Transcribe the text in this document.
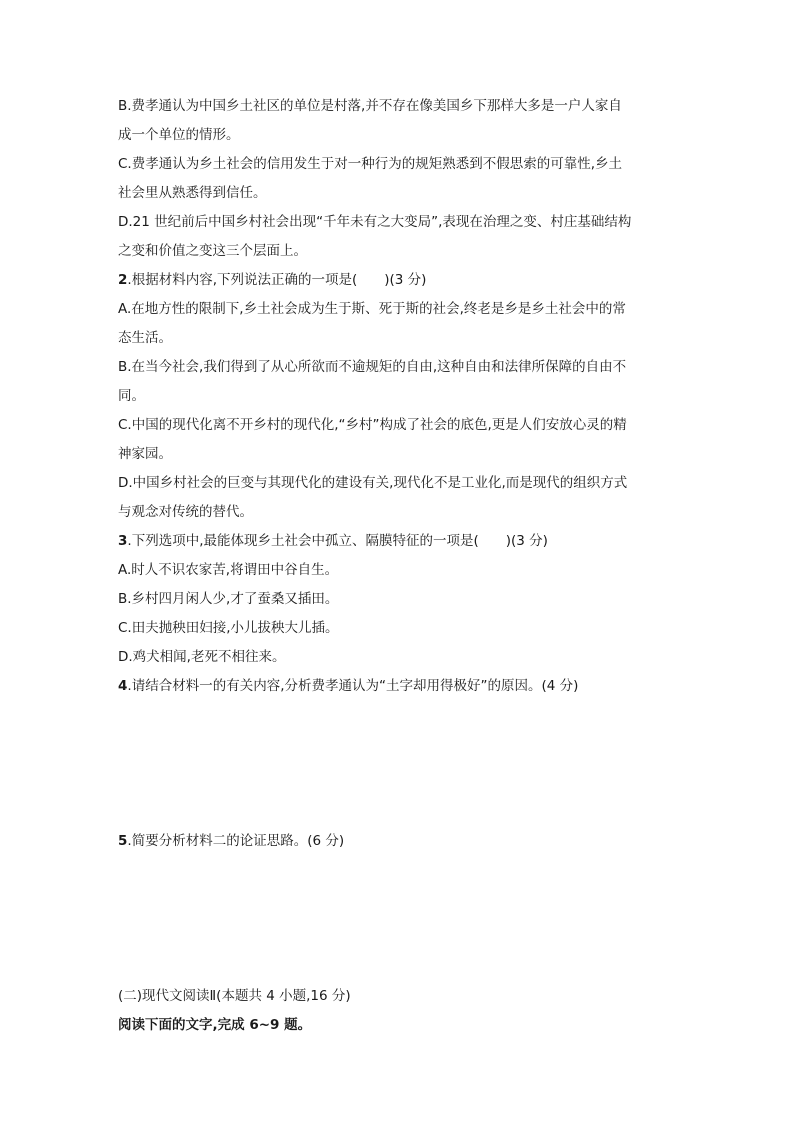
B.费孝通认为中国乡土社区的单位是村落,并不存在像美国乡下那样大多是一户人家自
成一个单位的情形。
C.费孝通认为乡土社会的信用发生于对一种行为的规矩熟悉到不假思索的可靠性,乡土
社会里从熟悉得到信任。
D.21 世纪前后中国乡村社会出现“千年未有之大变局”,表现在治理之变、村庄基础结构
之变和价值之变这三个层面上。
2.根据材料内容,下列说法正确的一项是(　　)(3 分)
A.在地方性的限制下,乡土社会成为生于斯、死于斯的社会,终老是乡是乡土社会中的常
态生活。
B.在当今社会,我们得到了从心所欲而不逾规矩的自由,这种自由和法律所保障的自由不
同。
C.中国的现代化离不开乡村的现代化,“乡村”构成了社会的底色,更是人们安放心灵的精
神家园。
D.中国乡村社会的巨变与其现代化的建设有关,现代化不是工业化,而是现代的组织方式
与观念对传统的替代。
3.下列选项中,最能体现乡土社会中孤立、隔膜特征的一项是(　　)(3 分)
A.时人不识农家苦,将谓田中谷自生。
B.乡村四月闲人少,才了蚕桑又插田。
C.田夫抛秧田妇接,小儿拔秧大儿插。
D.鸡犬相闻,老死不相往来。
4.请结合材料一的有关内容,分析费孝通认为“土字却用得极好”的原因。(4 分)
5.简要分析材料二的论证思路。(6 分)
(二)现代文阅读Ⅱ(本题共 4 小题,16 分)
阅读下面的文字,完成 6~9 题。
